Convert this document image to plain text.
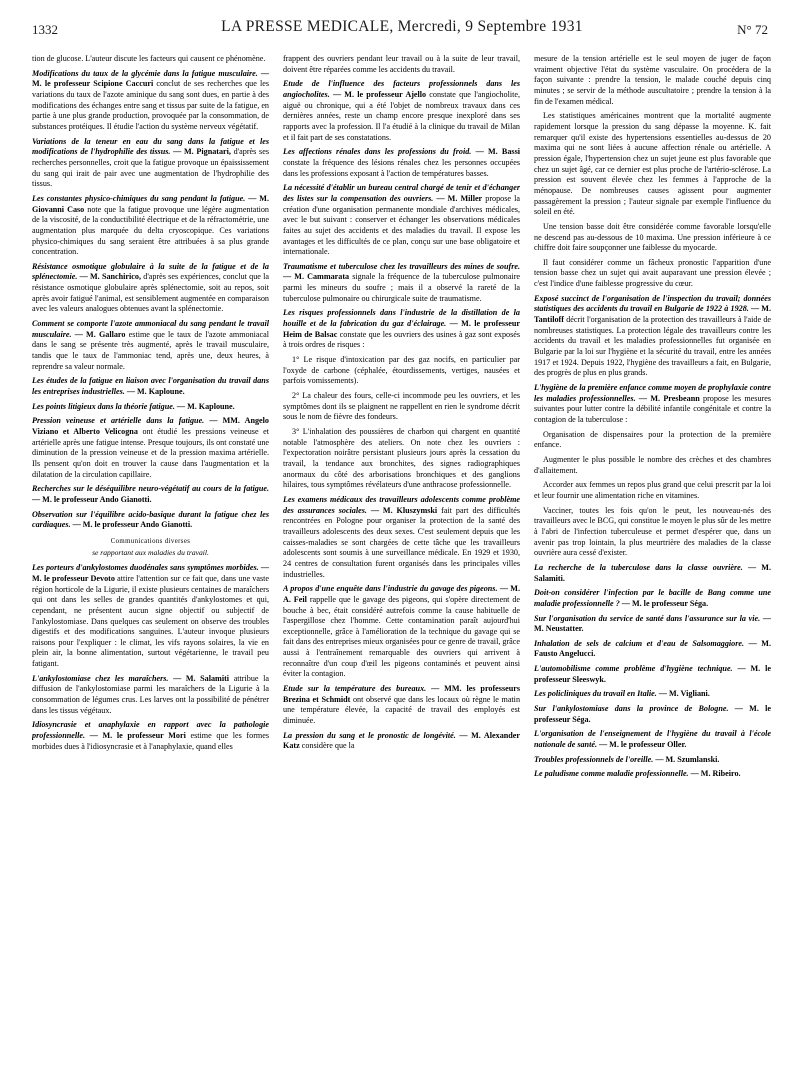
1332	LA PRESSE MEDICALE, Mercredi, 9 Septembre 1931	N° 72

tion de glucose. L'auteur discute les facteurs qui causent ce phénomène.

Modifications du taux de la glycémie dans la fatigue musculaire. — M. le professeur Scipione Caccuri conclut de ses recherches que les variations du taux de l'azote aminique du sang sont dues, en partie à des modifications des échanges entre sang et tissus par suite de la fatigue, en partie à une plus grande production, provoquée par la consommation, de substances protéiques. Il étudie l'action du système nerveux végétatif.

Variations de la teneur en eau du sang dans la fatigue et les modifications de l'hydrophilie des tissus. — M. Pignatari, d'après ses recherches personnelles, croit que la fatigue provoque un épaississement du sang qui irait de pair avec une augmentation de l'hydrophilie des tissus.

Les constantes physico-chimiques du sang pendant la fatigue. — M. Giovanni Caso note que la fatigue provoque une légère augmentation de la viscosité, de la conductibilité électrique et de la réfractométrie, une augmentation plus marquée du delta cryoscopique. Ces variations physico-chimiques du sang seraient être attribuées à sa plus grande concentration.

Résistance osmotique globulaire à la suite de la fatigue et de la splénectomie. — M. Sanchirico, d'après ses expériences, conclut que la résistance osmotique globulaire après splénectomie, soit au repos, soit après avoir fatigué l'animal, est sensiblement augmentée en comparaison avec les valeurs analogues obtenues avant la splénectomie.

Comment se comporte l'azote ammoniacal du sang pendant le travail musculaire. — M. Gallaro estime que le taux de l'azote ammoniacal dans le sang se présente très augmenté, après le travail musculaire, tandis que le taux de l'ammoniac tend, après une, deux heures, à reprendre sa valeur normale.

Les études de la fatigue en liaison avec l'organisation du travail dans les entreprises industrielles. — M. Kaploune.

Les points litigieux dans la théorie fatigue. — M. Kaploune.

Pression veineuse et artérielle dans la fatigue. — MM. Angelo Viziano et Alberto Velicogna ont étudié les pressions veineuse et artérielle après une fatigue intense. Presque toujours, ils ont constaté une diminution de la pression veineuse et de la pression maxima artérielle. Ils pensent qu'on doit en trouver la cause dans l'augmentation et la dilatation de la circulation capillaire.

Recherches sur le déséquilibre neuro-végétatif au cours de la fatigue. — M. le professeur Ando Gianotti.

Observation sur l'équilibre acido-basique durant la fatigue chez les cardiaques. — M. le professeur Ando Gianotti.

Communications diverses

se rapportant aux maladies du travail.

Les porteurs d'ankylostomes duodénales sans symptômes morbides. — M. le professeur Devoto attire l'attention sur ce fait que, dans une vaste région horticole de la Ligurie, il existe plusieurs centaines de maraîchers qui ont dans les selles de grandes quantités d'ankylostomes et qui, cependant, ne présentent aucun signe objectif ou subjectif de l'ankylostomiase. Dans quelques cas seulement on observe des troubles digestifs et des modifications sanguines. L'auteur invoque plusieurs raisons pour l'expliquer : le climat, les vifs rayons solaires, la vie en plein air, la bonne alimentation, surtout végétarienne, le travail peu fatigant.

L'ankylostomiase chez les maraîchers. — M. Salamiti attribue la diffusion de l'ankylostomiase parmi les maraîchers de la Ligurie à la consommation de légumes crus. Les larves ont la possibilité de pénétrer dans les tissus végétaux.

Idiosyncrasie et anaphylaxie en rapport avec la pathologie professionnelle. — M. le professeur Mori estime que les formes morbides dues à l'idiosyncrasie et à l'anaphylaxie, quand elles

frappent des ouvriers pendant leur travail ou à la suite de leur travail, doivent être réparées comme les accidents du travail.

Etude de l'influence des facteurs professionnels dans les angiocholites. — M. le professeur Ajello constate que l'angiocholite, aiguë ou chronique, qui a été l'objet de nombreux travaux dans ces dernières années, reste un champ encore presque inexploré dans ses rapports avec la profession. Il l'a étudié à la clinique du travail de Milan et il fait part de ses constatations.

Les affections rénales dans les professions du froid. — M. Bassi constate la fréquence des lésions rénales chez les personnes occupées dans les professions exposant à l'action de températures basses.

La nécessité d'établir un bureau central chargé de tenir et d'échanger des listes sur la compensation des ouvriers. — M. Miller propose la création d'une organisation permanente mondiale d'archives médicales, avec le but suivant : conserver et échanger les observations médicales faites au sujet des accidents et des maladies du travail. Il expose les avantages et les difficultés de ce plan, conçu sur une base obligatoire et internationale.

Traumatisme et tuberculose chez les travailleurs des mines de soufre. — M. Cammarata signale la fréquence de la tuberculose pulmonaire parmi les mineurs du soufre ; mais il a observé la rareté de la tuberculose pulmonaire ou chirurgicale suite de traumatisme.

Les risques professionnels dans l'industrie de la distillation de la houille et de la fabrication du gaz d'éclairage. — M. le professeur Heim de Balsac constate que les ouvriers des usines à gaz sont exposés à trois ordres de risques :

1° Le risque d'intoxication par des gaz nocifs, en particulier par l'oxyde de carbone (céphalée, étourdissements, vertiges, nausées et parfois vomissements).

2° La chaleur des fours, celle-ci incommode peu les ouvriers, et les symptômes dont ils se plaignent ne rappellent en rien le syndrome décrit sous le nom de fièvre des fondeurs.

3° L'inhalation des poussières de charbon qui chargent en quantité notable l'atmosphère des ateliers. On note chez les ouvriers : l'expectoration noirâtre persistant plusieurs jours après la cessation du travail, la tendance aux bronchites, des signes radiographiques anormaux du côté des arborisations bronchiques et des ganglions hilaires, tous symptômes révélateurs d'une anthracose professionnelle.

Les examens médicaux des travailleurs adolescents comme problème des assurances sociales. — M. Kluszymski fait part des difficultés rencontrées en Pologne pour organiser la protection de la santé des travailleurs adolescents des deux sexes. C'est seulement depuis que les caisses-maladies se sont chargées de cette tâche que les travailleurs adolescents sont soumis à une surveillance médicale. En 1929 et 1930, 24 centres de consultation furent organisés dans les principales villes industrielles.

A propos d'une enquête dans l'industrie du gavage des pigeons. — M. A. Feil rappelle que le gavage des pigeons, qui s'opère directement de bouche à bec, était considéré autrefois comme la cause habituelle de l'aspergillose chez l'homme. Cette contamination paraît aujourd'hui exceptionnelle, grâce à l'amélioration de la technique du gavage qui se fait dans des entreprises mieux organisées pour ce genre de travail, grâce aussi à l'entraînement remarquable des ouvriers qui arrivent à reconnaître d'un coup d'œil les pigeons contaminés et peuvent ainsi éviter la contagion.

Etude sur la température des bureaux. — MM. les professeurs Brezina et Schmidt ont observé que dans les locaux où règne le matin une température élevée, la capacité de travail des employés est diminuée.

La pression du sang et le pronostic de longévité. — M. Alexander Katz considère que la

mesure de la tension artérielle est le seul moyen de juger de façon vraiment objective l'état du système vasculaire. On procédera de la façon suivante : prendre la tension, le malade couché depuis cinq minutes ; se servir de la méthode auscultatoire ; prendre la tension à la fin de l'examen médical.

Les statistiques américaines montrent que la mortalité augmente rapidement lorsque la pression du sang dépasse la moyenne. K. fait remarquer qu'il existe des hypertensions essentielles au-dessus de 20 maxima qui ne sont liées à aucune affection rénale ou artérielle. A pression égale, l'hypertension chez un sujet jeune est plus favorable que chez un sujet âgé, car ce dernier est plus proche de l'artério-sclérose. La pression est souvent élevée chez les femmes à l'approche de la ménopause. De nombreuses causes agissent pour augmenter passagèrement la pression ; l'auteur signale par exemple l'influence du soleil en été.

Une tension basse doit être considérée comme favorable lorsqu'elle ne descend pas au-dessous de 10 maxima. Une pression inférieure à ce chiffre doit faire soupçonner une faiblesse du myocarde.

Il faut considérer comme un fâcheux pronostic l'apparition d'une tension basse chez un sujet qui avait auparavant une pression élevée ; c'est l'indice d'une faiblesse progressive du cœur.

Exposé succinct de l'organisation de l'inspection du travail; données statistiques des accidents du travail en Bulgarie de 1922 à 1928. — M. Tantiloff décrit l'organisation de la protection des travailleurs à l'aide de nombreuses statistiques. La protection légale des travailleurs contre les accidents du travail et les maladies professionnelles fut organisée en Bulgarie par la loi sur l'hygiène et la sécurité du travail, entre les années 1917 et 1924. Depuis 1922, l'hygiène des travailleurs a fait, en Bulgarie, des progrès de plus en plus grands.

L'hygiène de la première enfance comme moyen de prophylaxie contre les maladies professionnelles. — M. Presbeann propose les mesures suivantes pour lutter contre la débilité infantile congénitale et contre la contagion de la tuberculose :

Organisation de dispensaires pour la protection de la première enfance.

Augmenter le plus possible le nombre des crèches et des chambres d'allaitement.

Accorder aux femmes un repos plus grand que celui prescrit par la loi et leur fournir une alimentation riche en vitamines.

Vacciner, toutes les fois qu'on le peut, les nouveau-nés des travailleurs avec le BCG, qui constitue le moyen le plus sûr de les mettre à l'abri de l'infection tuberculeuse et permet d'espérer que, dans un avenir pas trop lointain, la plus meurtrière des maladies de la classe ouvrière aura cessé d'exister.

La recherche de la tuberculose dans la classe ouvrière. — M. Salamiti.

Doit-on considérer l'infection par le bacille de Bang comme une maladie professionnelle ? — M. le professeur Séga.

Sur l'organisation du service de santé dans l'assurance sur la vie. — M. Neustatter.

Inhalation de sels de calcium et d'eau de Salsomaggiore. — M. Fausto Angelucci.

L'automobilisme comme problème d'hygiène technique. — M. le professeur Sleeswyk.

Les policliniques du travail en Italie. — M. Vigliani.

Sur l'ankylostomiase dans la province de Bologne. — M. le professeur Séga.

L'organisation de l'enseignement de l'hygiène du travail à l'école nationale de santé. — M. le professeur Oller.

Troubles professionnels de l'oreille. — M. Szumlanski.

Le paludisme comme maladie professionnelle. — M. Ribeiro.
